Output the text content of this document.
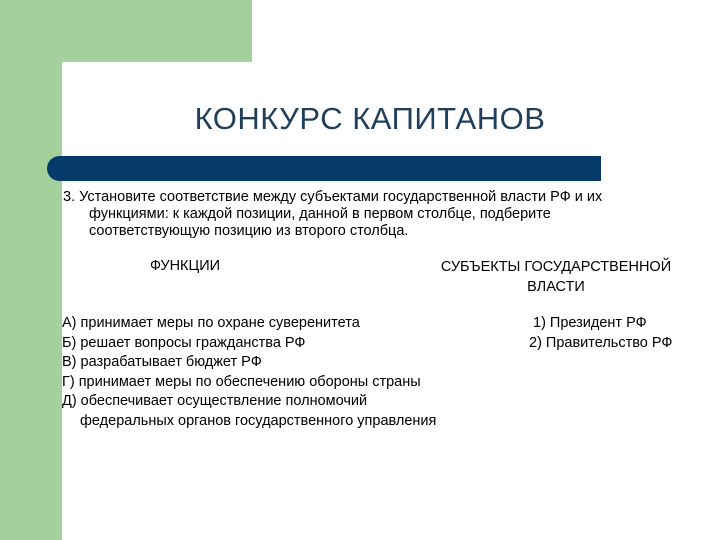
КОНКУРС КАПИТАНОВ
3. Установите соответствие между субъектами государственной власти РФ и их
функциями: к каждой позиции, данной в первом столбце, подберите
соответствующую позицию из второго столбца.
ФУНКЦИИ	СУБЪЕКТЫ ГОСУДАРСТВЕННОЙ
ВЛАСТИ
А) принимает меры по охране суверенитета
Б) решает вопросы гражданства РФ
В) разрабатывает бюджет РФ
Г) принимает меры по обеспечению обороны страны
Д) обеспечивает осуществление полномочий
федеральных органов государственного управления
1) Президент РФ
2) Правительство РФ
